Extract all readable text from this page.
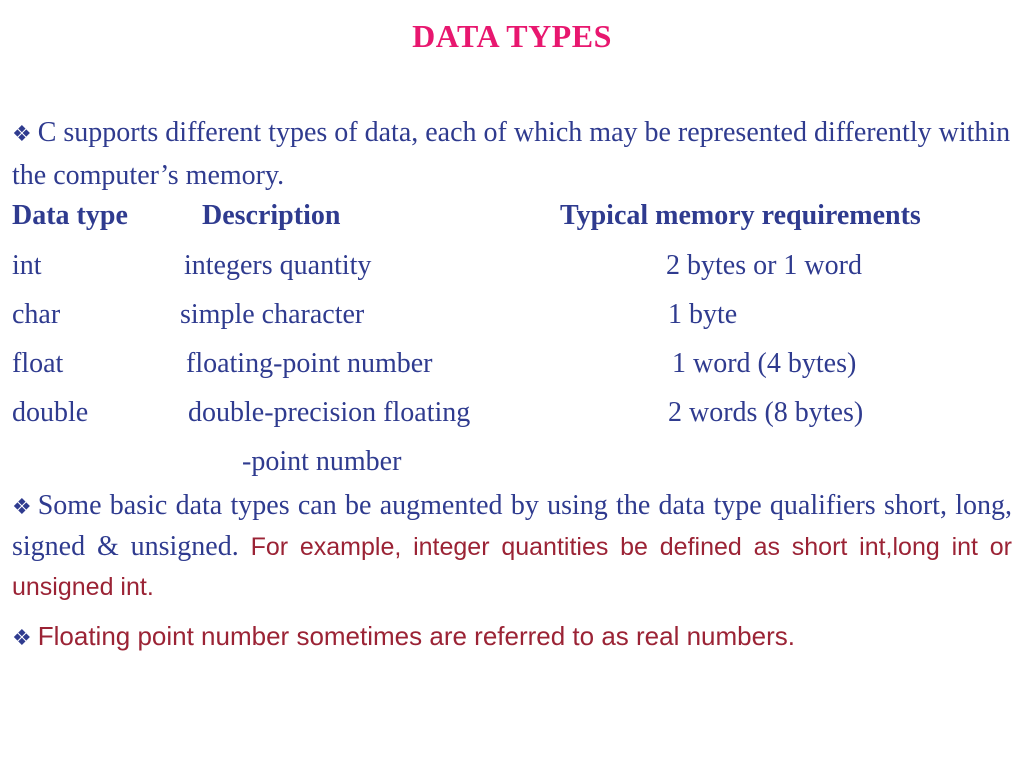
DATA TYPES
❖ C supports different types of data, each of which may be represented differently within the computer’s memory.
Data type	Description	Typical memory requirements
int	integers quantity	2 bytes or 1 word
char	simple character	1 byte
float	floating-point number	1 word (4 bytes)
double	double-precision floating	2 words (8 bytes)
-point number
❖ Some basic data types can be augmented by using the data type qualifiers short, long, signed & unsigned. For example, integer quantities be defined as short int,long int or unsigned int.
❖ Floating point number sometimes are referred to as real numbers.
